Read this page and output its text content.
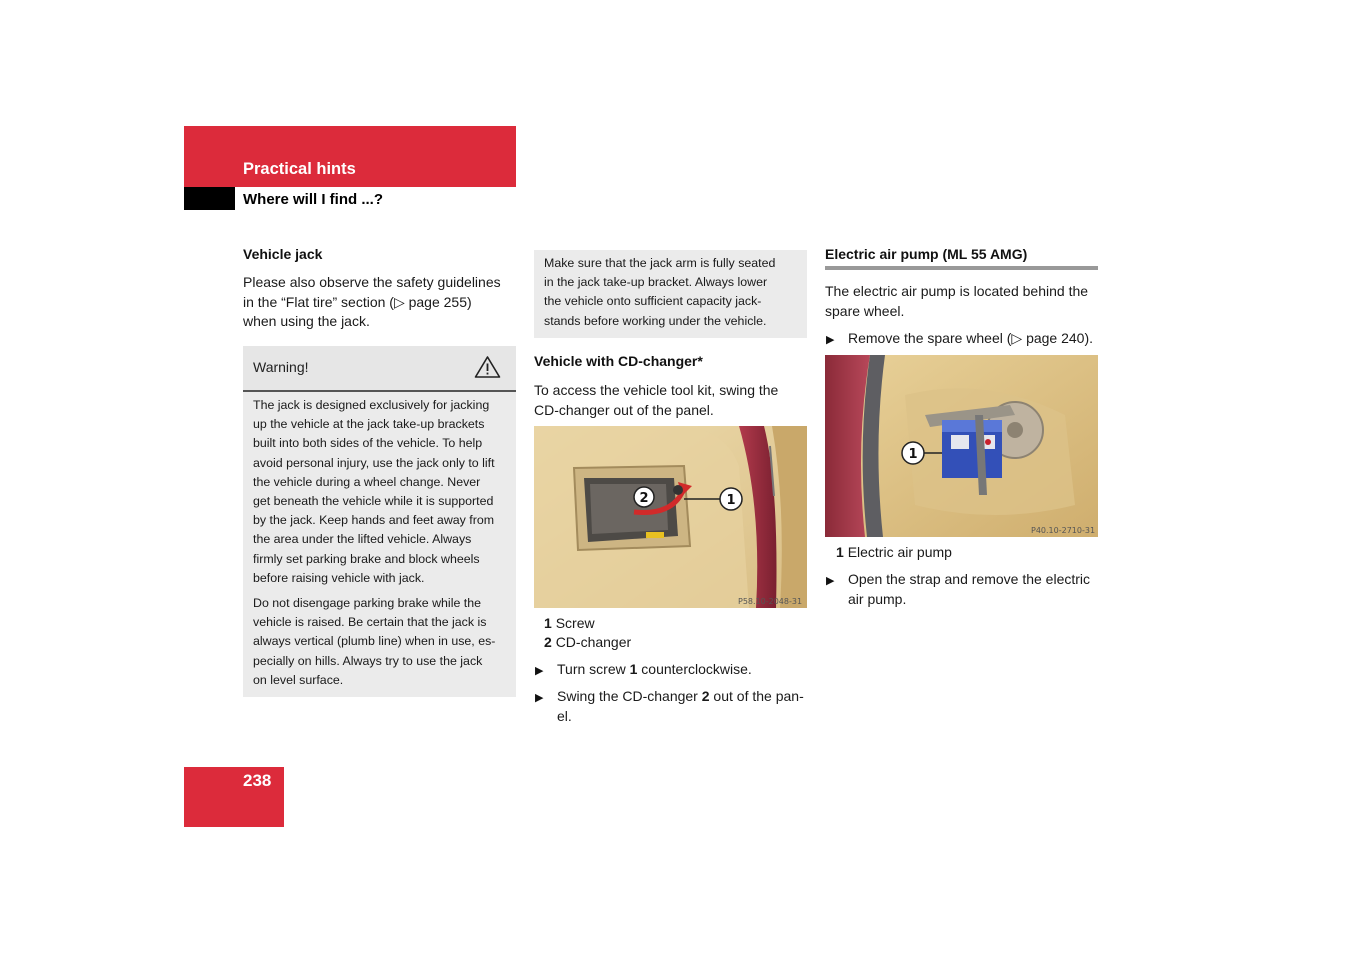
Practical hints
Where will I find ...?
Vehicle jack
Please also observe the safety guidelines
in the “Flat tire” section (▷ page 255)
when using the jack.
Warning!
The jack is designed exclusively for jacking
up the vehicle at the jack take-up brackets
built into both sides of the vehicle. To help
avoid personal injury, use the jack only to lift
the vehicle during a wheel change. Never
get beneath the vehicle while it is supported
by the jack. Keep hands and feet away from
the area under the lifted vehicle. Always
firmly set parking brake and block wheels
before raising vehicle with jack.
Do not disengage parking brake while the
vehicle is raised. Be certain that the jack is
always vertical (plumb line) when in use, es-
pecially on hills. Always try to use the jack
on level surface.
Make sure that the jack arm is fully seated
in the jack take-up bracket. Always lower
the vehicle onto sufficient capacity jack-
stands before working under the vehicle.
Vehicle with CD-changer*
To access the vehicle tool kit, swing the
CD-changer out of the panel.
2	1
P58.10-2048-31
1 Screw
2 CD-changer
▶ Turn screw 1 counterclockwise.
▶ Swing the CD-changer 2 out of the pan-
el.
Electric air pump (ML 55 AMG)
The electric air pump is located behind the
spare wheel.
▶ Remove the spare wheel (▷ page 240).
1
P40.10-2710-31
1 Electric air pump
▶ Open the strap and remove the electric
air pump.
238
